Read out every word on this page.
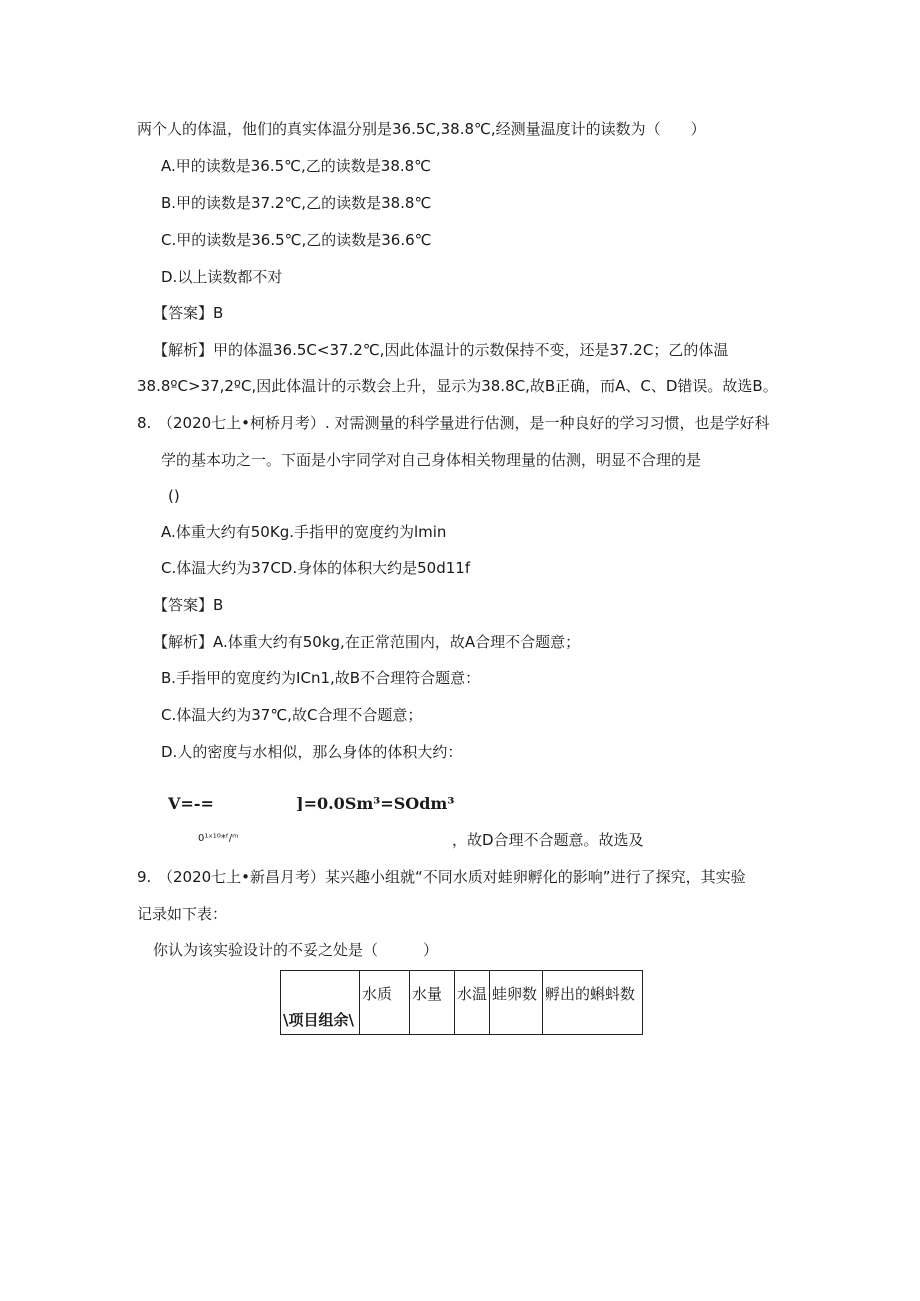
两个人的体温，他们的真实体温分别是36.5C,38.8℃,经测量温度计的读数为（　　）
A.甲的读数是36.5℃,乙的读数是38.8℃
B.甲的读数是37.2℃,乙的读数是38.8℃
C.甲的读数是36.5℃,乙的读数是36.6℃
D.以上读数都不对
【答案】B
【解析】甲的体温36.5C<37.2℃,因此体温计的示数保持不变，还是37.2C；乙的体温
38.8ºC>37,2ºC,因此体温计的示数会上升，显示为38.8C,故B正确，而A、C、D错误。故选B。
8. （2020七上•柯桥月考）. 对需测量的科学量进行估测，是一种良好的学习习惯，也是学好科
学的基本功之一。下面是小宇同学对自己身体相关物理量的估测，明显不合理的是
()
A.体重大约有50Kg.手指甲的宽度约为lmin
C.体温大约为37CD.身体的体积大约是50d11f
【答案】B
【解析】A.体重大约有50kg,在正常范围内，故A合理不合题意；
B.手指甲的宽度约为ICn1,故B不合理符合题意：
C.体温大约为37℃,故C合理不合题意；
D.人的密度与水相似，那么身体的体积大约：
V=-=	]=0.0Sm³=SOdm³
0¹ˣ¹⁰*ᶠ/ᵐ	，故D合理不合题意。故选及
9. （2020七上•新昌月考）某兴趣小组就“不同水质对蛙卵孵化的影响”进行了探究，其实验
记录如下表：
你认为该实验设计的不妥之处是（　　　）
\项目组余\	水质	水量	水温	蛙卵数	孵出的蝌蚪数
